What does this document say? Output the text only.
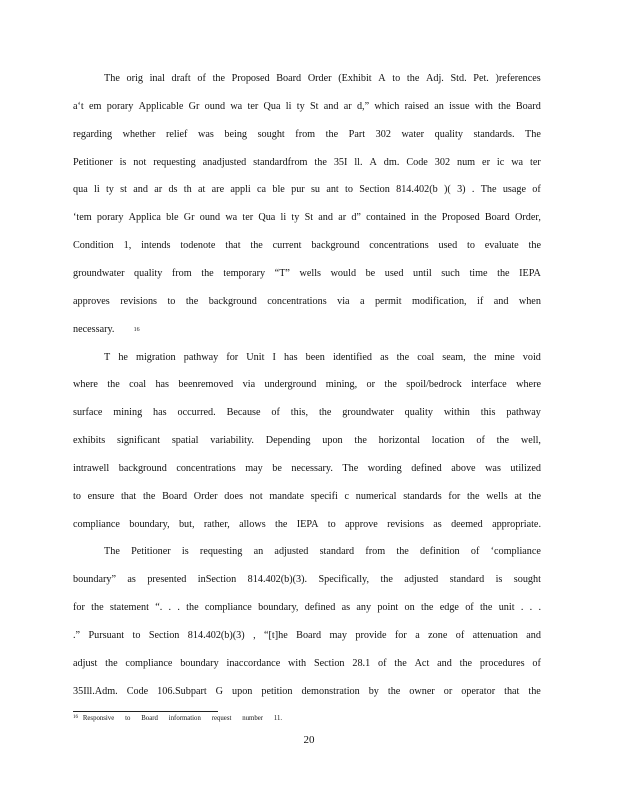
The orig inal draft of the Proposed Board Order (Exhibit A to the Adj. Std. Pet. )references
a‘t em porary Applicable Gr ound wa ter Qua li ty St and ar d,” which raised an issue with the Board
regarding whether relief was being sought from the Part 302 water quality standards. The
Petitioner is not requesting anadjusted standardfrom the 35I ll. A dm. Code 302 num er ic wa ter
qua li ty st and ar ds th at are appli ca ble pur su ant to Section 814.402(b )( 3) . The usage of
‘tem porary Applica ble Gr ound wa ter Qua li ty St and ar d” contained in the Proposed Board Order,
Condition 1, intends todenote that the current background concentrations used to evaluate the
groundwater quality from the temporary “T” wells would be used until such time the IEPA
approves revisions to the background concentrations via a permit modification, if and when
necessary.	16
T he migration pathway for Unit I has been identified as the coal seam, the mine void
where the coal has beenremoved via underground mining, or the spoil/bedrock interface where
surface mining has occurred. Because of this, the groundwater quality within this pathway
exhibits significant spatial variability. Depending upon the horizontal location of the well,
intrawell background concentrations may be necessary. The wording defined above was utilized
to ensure that the Board Order does not mandate specifi c numerical standards for the wells at the
compliance boundary, but, rather, allows the IEPA to approve revisions as deemed appropriate.
The Petitioner is requesting an adjusted standard from the definition of ‘compliance
boundary” as presented inSection 814.402(b)(3). Specifically, the adjusted standard is sought
for the statement “. . . the compliance boundary, defined as any point on the edge of the unit . . .
.” Pursuant to Section 814.402(b)(3) , “[t]he Board may provide for a zone of attenuation and
adjust the compliance boundary inaccordance with Section 28.1 of the Act and the procedures of
35Ill.Adm. Code 106.Subpart G upon petition demonstration by the owner or operator that the
16 Responsive to Board information request number 11.
20
